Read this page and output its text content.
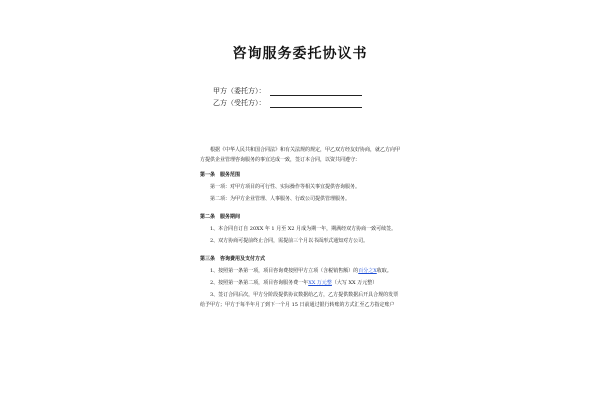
咨询服务委托协议书
甲方（委托方）：
乙方（受托方）：

根据《中华人民共和国合同法》和有关法规的规定，甲乙双方经友好协商，就乙方向甲方提供企业管理咨询服务的事宜达成一致，签订本合同，以资共同遵守：

第一条　服务范围

第一项：对甲方项目的可行性、实际操作等相关事宜提供咨询服务。

第二项：为甲方企业管理、人事服务、行政公司提供管理服务。

第二条　服务期间

1、本合同自订自 20XX 年 1 月至 X2 月成为期一年，期满经双方协商一致可续签。

2、双方协商可提前终止合同，需提前三个月以书面形式通知对方公司。

第三条　咨询费用及支付方式

1、按照第一条第一项，项目咨询费按照甲方立项（含税销售额）的百分之X收取。

2、按照第一条第二项，项目咨询服务费一年XX 万元整（大写 XX 万元整）

3、签订合同后次，甲方分阶段提供协议数据给乙方，乙方提供数据后开具合规的发票给予甲方；甲方于每半年月了到下一个月 15 日前通过银行转账的方式汇至乙方指定账户
